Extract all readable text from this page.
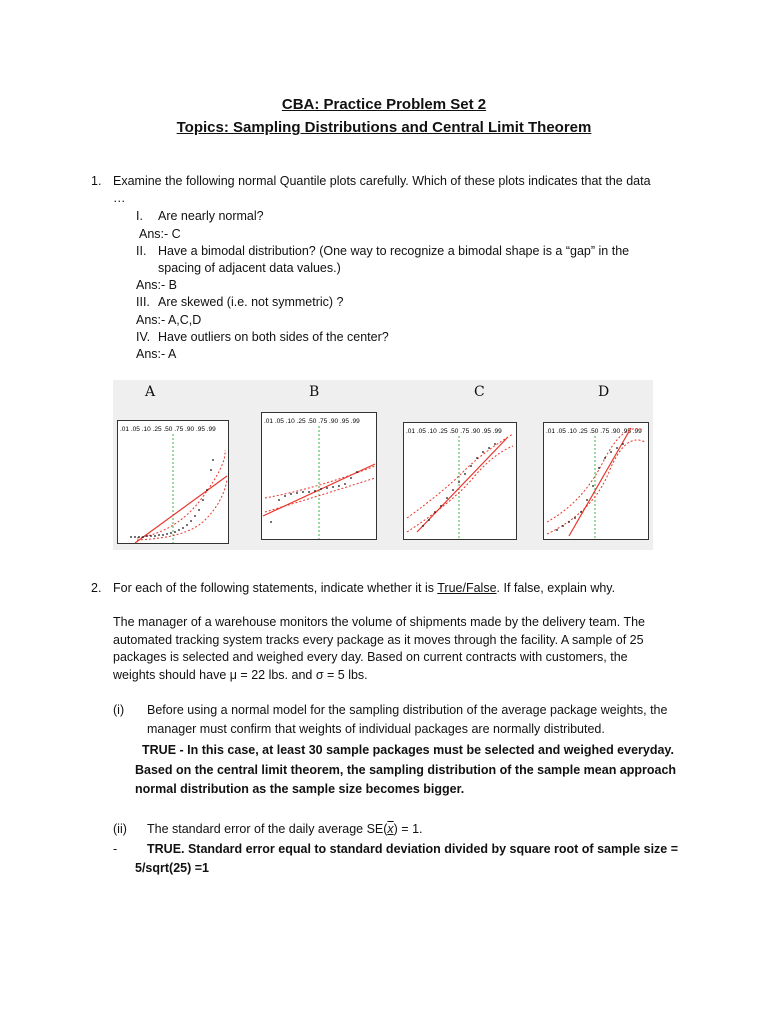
CBA: Practice Problem Set 2
Topics: Sampling Distributions and Central Limit Theorem
1. Examine the following normal Quantile plots carefully. Which of these plots indicates that the data
…
I. Are nearly normal?
Ans:- C
II. Have a bimodal distribution? (One way to recognize a bimodal shape is a “gap” in the
spacing of adjacent data values.)
Ans:- B
III. Are skewed (i.e. not symmetric) ?
Ans:- A,C,D
IV. Have outliers on both sides of the center?
Ans:- A
A	B	C	D
.01 .05 .10 .25 .50 .75 .90 .95 .99
.01 .05 .10 .25 .50 .75 .90 .95 .99
.01 .05 .10 .25 .50 .75 .90 .95 .99	.01 .05 .10 .25 .50 .75 .90 .95 .99
2. For each of the following statements, indicate whether it is True/False. If false, explain why.
The manager of a warehouse monitors the volume of shipments made by the delivery team. The
automated tracking system tracks every package as it moves through the facility. A sample of 25
packages is selected and weighed every day. Based on current contracts with customers, the
weights should have μ = 22 lbs. and σ = 5 lbs.
(i) Before using a normal model for the sampling distribution of the average package weights, the
manager must confirm that weights of individual packages are normally distributed.
TRUE - In this case, at least 30 sample packages must be selected and weighed everyday.
Based on the central limit theorem, the sampling distribution of the sample mean approach
normal distribution as the sample size becomes bigger.
(ii) The standard error of the daily average SE(x) = 1.
- TRUE. Standard error equal to standard deviation divided by square root of sample size =
5/sqrt(25) =1
